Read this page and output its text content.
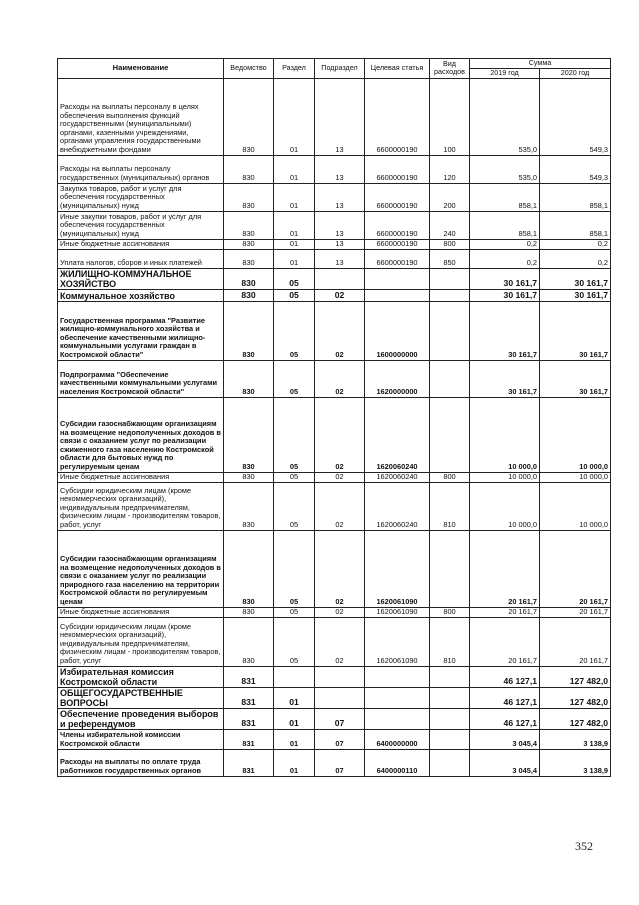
Наименование	Ведомство	Раздел	Подраздел	Целевая статья	Вид расходов	Сумма	
						2019 год	2020 год
Расходы на выплаты персоналу в целях обеспечения выполнения функций государственными (муниципальными) органами, казенными учреждениями, органами управления государственными внебюджетными фондами	830	01	13	6600000190	100	535,0	549,3
Расходы на выплаты персоналу государственных (муниципальных) органов	830	01	13	6600000190	120	535,0	549,3
Закупка товаров, работ и услуг для обеспечения государственных (муниципальных) нужд	830	01	13	6600000190	200	858,1	858,1
Иные закупки товаров, работ и услуг для обеспечения государственных (муниципальных) нужд	830	01	13	6600000190	240	858,1	858,1
Иные бюджетные ассигнования	830	01	13	6600000190	800	0,2	0,2
Уплата налогов, сборов и иных платежей	830	01	13	6600000190	850	0,2	0,2
ЖИЛИЩНО-КОММУНАЛЬНОЕ ХОЗЯЙСТВО	830	05				30 161,7	30 161,7
Коммунальное хозяйство	830	05	02			30 161,7	30 161,7
Государственная программа "Развитие жилищно-коммунального хозяйства и обеспечение качественными жилищно-коммунальными услугами граждан в Костромской области"	830	05	02	1600000000		30 161,7	30 161,7
Подпрограмма "Обеспечение качественными коммунальными услугами населения Костромской области"	830	05	02	1620000000		30 161,7	30 161,7
Субсидии газоснабжающим организациям на возмещение недополученных доходов в связи с оказанием услуг по реализации сжиженного газа населению Костромской области для бытовых нужд по регулируемым ценам	830	05	02	1620060240		10 000,0	10 000,0
Иные бюджетные ассигнования	830	05	02	1620060240	800	10 000,0	10 000,0
Субсидии юридическим лицам (кроме некоммерческих организаций), индивидуальным предпринимателям, физическим лицам - производителям товаров, работ, услуг	830	05	02	1620060240	810	10 000,0	10 000,0
Субсидии газоснабжающим организациям на возмещение недополученных доходов в связи с оказанием услуг по реализации природного газа населению на территории Костромской области по регулируемым ценам	830	05	02	1620061090		20 161,7	20 161,7
Иные бюджетные ассигнования	830	05	02	1620061090	800	20 161,7	20 161,7
Субсидии юридическим лицам (кроме некоммерческих организаций), индивидуальным предпринимателям, физическим лицам - производителям товаров, работ, услуг	830	05	02	1620061090	810	20 161,7	20 161,7
Избирательная комиссия Костромской области	831					46 127,1	127 482,0
ОБЩЕГОСУДАРСТВЕННЫЕ ВОПРОСЫ	831	01				46 127,1	127 482,0
Обеспечение проведения выборов и референдумов	831	01	07			46 127,1	127 482,0
Члены избирательной комиссии Костромской области	831	01	07	6400000000		3 045,4	3 138,9
Расходы на выплаты по оплате труда работников государственных органов	831	01	07	6400000110		3 045,4	3 138,9
352
